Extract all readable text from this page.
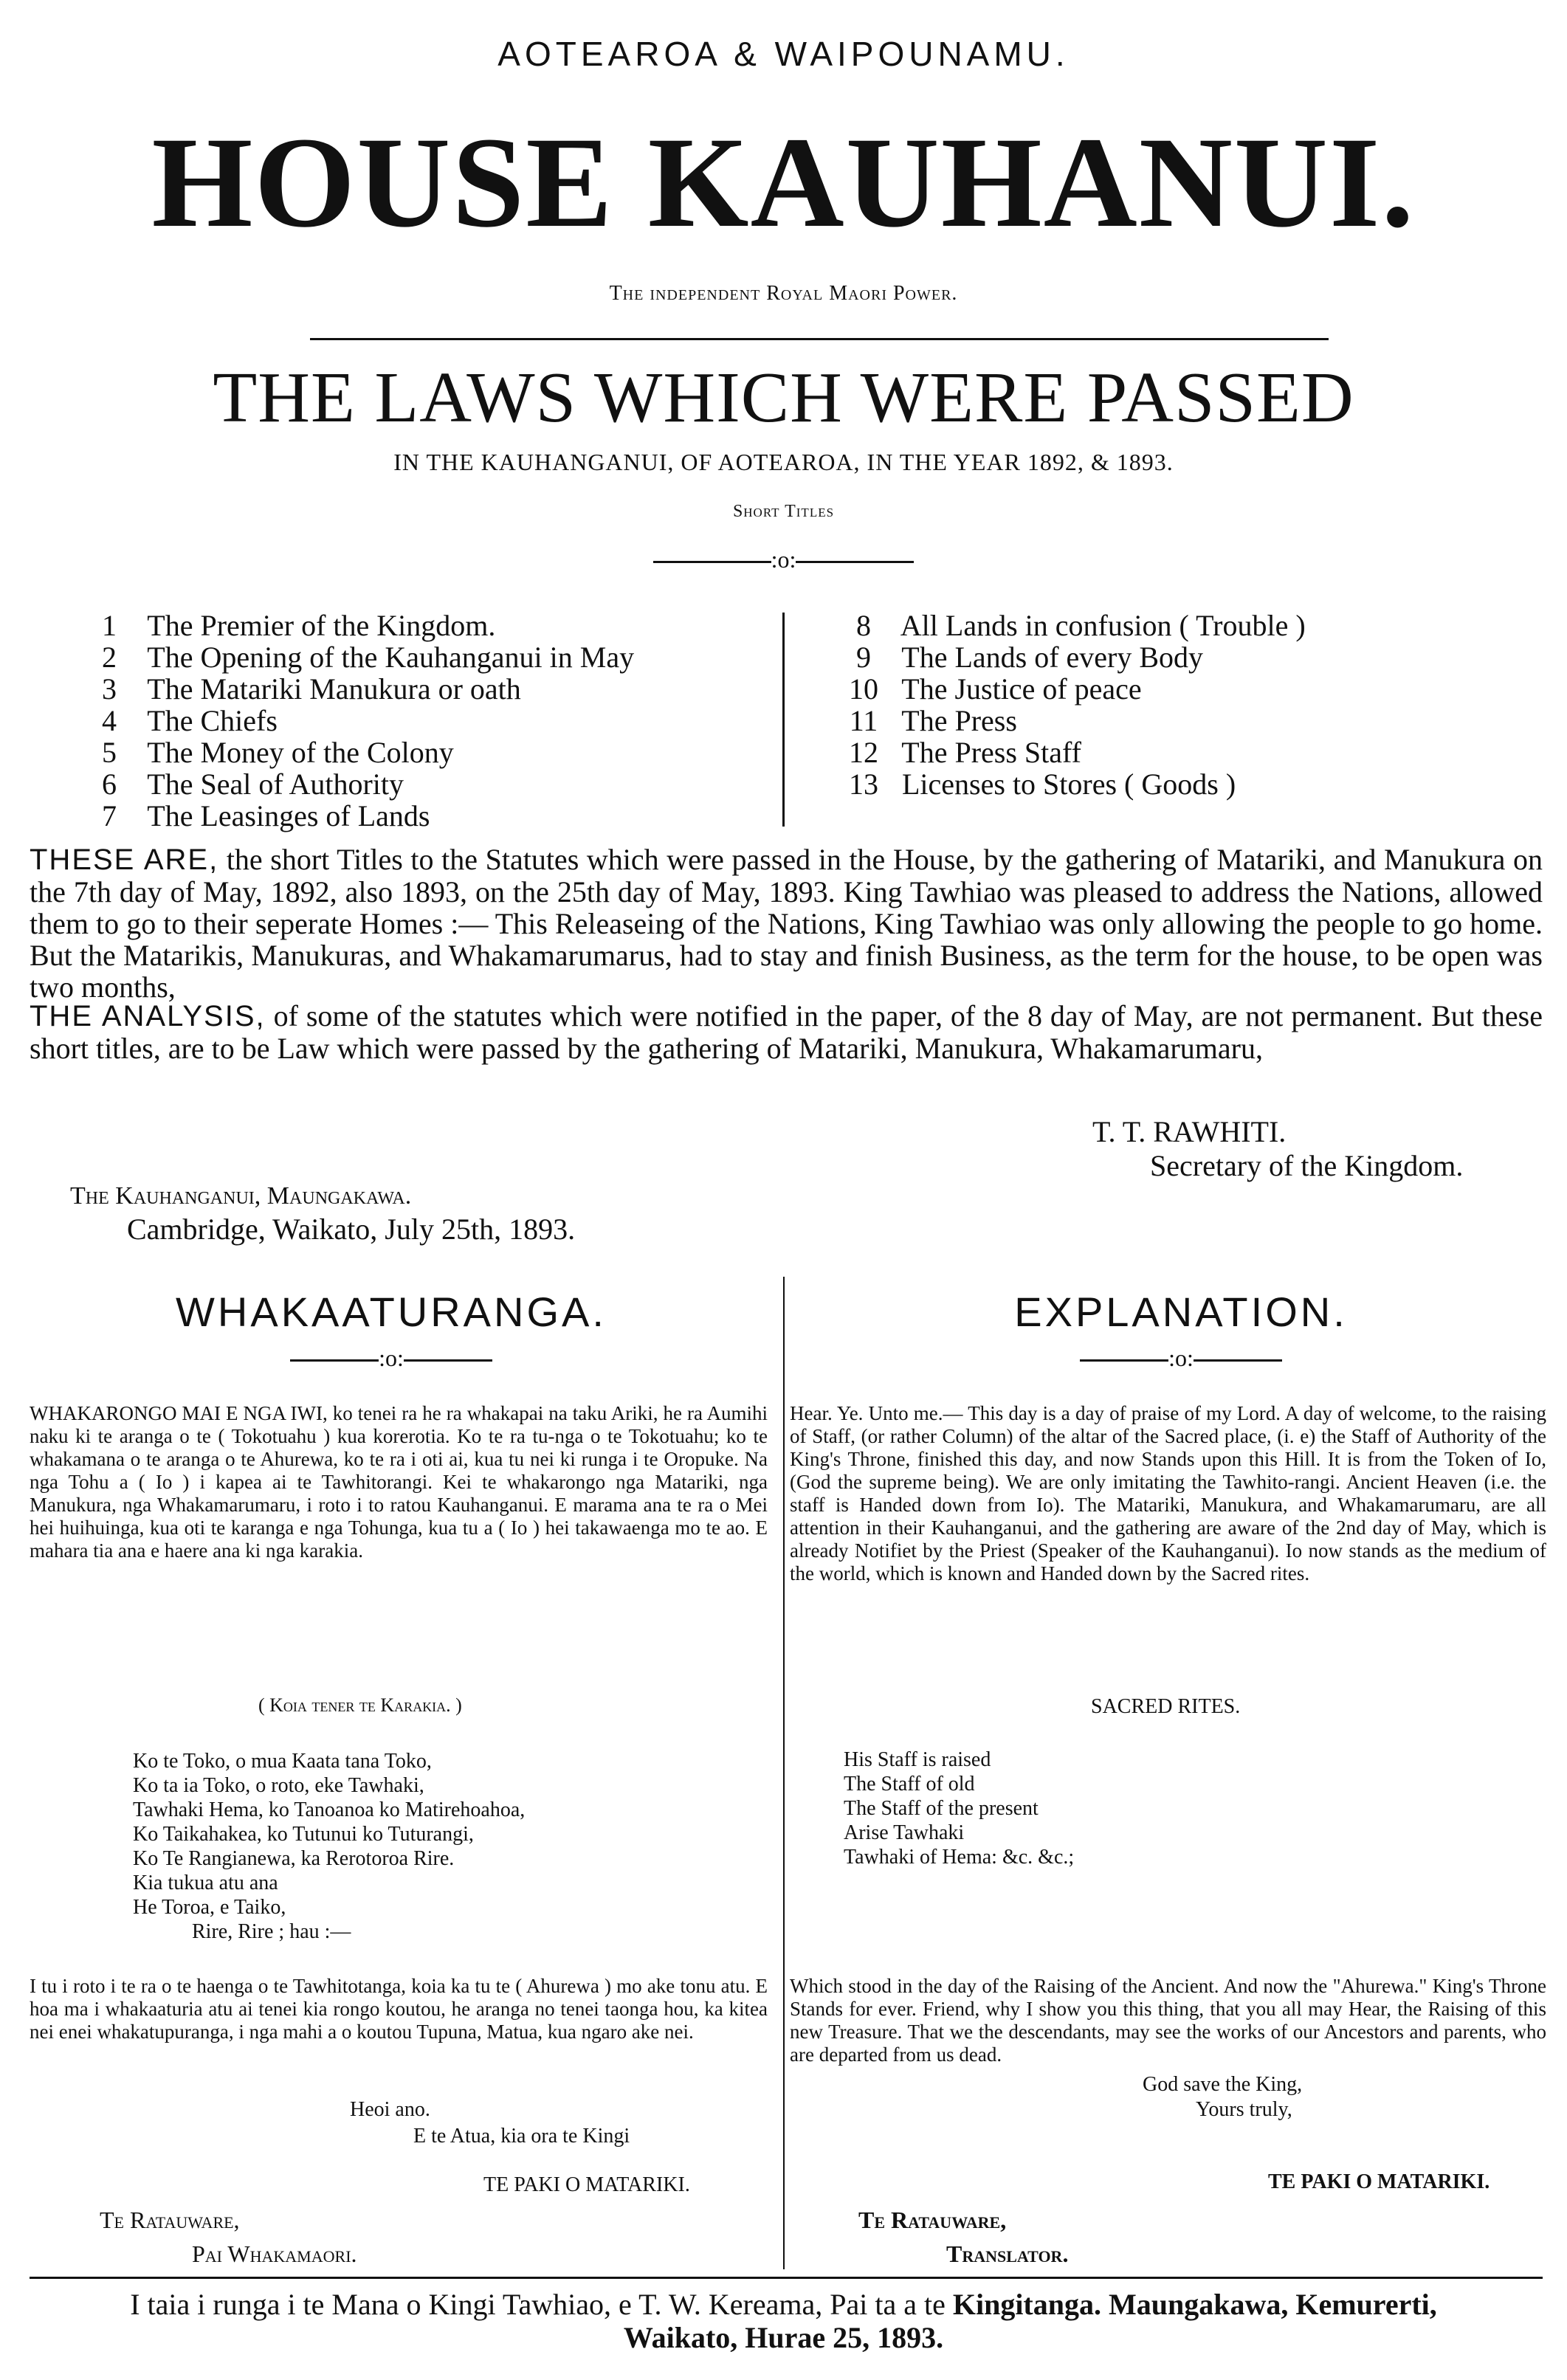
AOTEAROA & WAIPOUNAMU.
HOUSE KAUHANUI.
The independent Royal Maori Power.
THE LAWS WHICH WERE PASSED
IN THE KAUHANGANUI, OF AOTEAROA, IN THE YEAR 1892, & 1893.
Short Titles
:o:
1 The Premier of the Kingdom.
2 The Opening of the Kauhanganui in May
3 The Matariki Manukura or oath
4 The Chiefs
5 The Money of the Colony
6 The Seal of Authority
7 The Leasinges of Lands
8 All Lands in confusion ( Trouble )
9 The Lands of every Body
10 The Justice of peace
11 The Press
12 The Press Staff
13 Licenses to Stores ( Goods )
THESE ARE, the short Titles to the Statutes which were passed in the House, by the gathering of Matariki, and Manukura on the 7th day of May, 1892, also 1893, on the 25th day of May, 1893. King Tawhiao was pleased to address the Nations, allowed them to go to their seperate Homes :— This Releaseing of the Nations, King Tawhiao was only allowing the people to go home. But the Matarikis, Manukuras, and Whakamarumarus, had to stay and finish Business, as the term for the house, to be open was two months,
THE ANALYSIS, of some of the statutes which were notified in the paper, of the 8 day of May, are not permanent. But these short titles, are to be Law which were passed by the gathering of Matariki, Manukura, Whakamarumaru,
T. T. RAWHITI.
Secretary of the Kingdom.
The Kauhanganui, Maungakawa.
Cambridge, Waikato, July 25th, 1893.
WHAKAATURANGA.
:o:
WHAKARONGO MAI E NGA IWI, ko tenei ra he ra whakapai na taku Ariki, he ra Aumihi naku ki te aranga o te ( Tokotuahu ) kua korerotia. Ko te ra tu-nga o te Tokotuahu; ko te whakamana o te aranga o te Ahurewa, ko te ra i oti ai, kua tu nei ki runga i te Oropuke. Na nga Tohu a ( Io ) i kapea ai te Tawhitorangi. Kei te whakarongo nga Matariki, nga Manukura, nga Whakamarumaru, i roto i to ratou Kauhanganui. E marama ana te ra o Mei hei huihuinga, kua oti te karanga e nga Tohunga, kua tu a ( Io ) hei takawaenga mo te ao. E mahara tia ana e haere ana ki nga karakia.
( Koia tener te Karakia. )
Ko te Toko, o mua Kaata tana Toko,
Ko ta ia Toko, o roto, eke Tawhaki,
Tawhaki Hema, ko Tanoanoa ko Matirehoahoa,
Ko Taikahakea, ko Tutunui ko Tuturangi,
Ko Te Rangianewa, ka Rerotoroa Rire.
Kia tukua atu ana
He Toroa, e Taiko,
Rire, Rire ; hau :—
I tu i roto i te ra o te haenga o te Tawhitotanga, koia ka tu te ( Ahurewa ) mo ake tonu atu. E hoa ma i whakaaturia atu ai tenei kia rongo koutou, he aranga no tenei taonga hou, ka kitea nei enei whakatupuranga, i nga mahi a o koutou Tupuna, Matua, kua ngaro ake nei.
Heoi ano.
E te Atua, kia ora te Kingi
TE PAKI O MATARIKI.
Te Ratauware,
Pai Whakamaori.
EXPLANATION.
:o:
Hear. Ye. Unto me.— This day is a day of praise of my Lord. A day of welcome, to the raising of Staff, (or rather Column) of the altar of the Sacred place, (i. e) the Staff of Authority of the King's Throne, finished this day, and now Stands upon this Hill. It is from the Token of Io, (God the supreme being). We are only imitating the Tawhito-rangi. Ancient Heaven (i.e. the staff is Handed down from Io). The Matariki, Manukura, and Whakamarumaru, are all attention in their Kauhanganui, and the gathering are aware of the 2nd day of May, which is already Notifiet by the Priest (Speaker of the Kauhanganui). Io now stands as the medium of the world, which is known and Handed down by the Sacred rites.
SACRED RITES.
His Staff is raised
The Staff of old
The Staff of the present
Arise Tawhaki
Tawhaki of Hema: &c. &c.;
Which stood in the day of the Raising of the Ancient. And now the "Ahurewa." King's Throne Stands for ever. Friend, why I show you this thing, that you all may Hear, the Raising of this new Treasure. That we the descendants, may see the works of our Ancestors and parents, who are departed from us dead.
God save the King,
Yours truly,
TE PAKI O MATARIKI.
Te Ratauware,
Translator.
I taia i runga i te Mana o Kingi Tawhiao, e T. W. Kereama, Pai ta a te Kingitanga. Maungakawa, Kemurerti,
Waikato, Hurae 25, 1893.
